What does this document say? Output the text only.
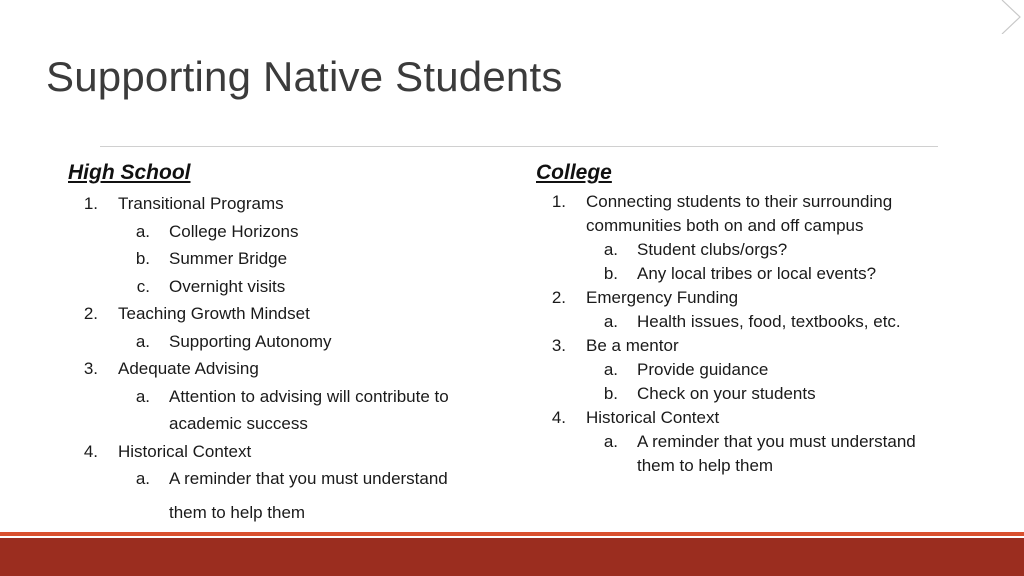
Supporting Native Students
High School
1. Transitional Programs
a. College Horizons
b. Summer Bridge
c. Overnight visits
2. Teaching Growth Mindset
a. Supporting Autonomy
3. Adequate Advising
a. Attention to advising will contribute to
academic success
4. Historical Context
a. A reminder that you must understand
them to help them
College
1. Connecting students to their surrounding
communities both on and off campus
a. Student clubs/orgs?
b. Any local tribes or local events?
2. Emergency Funding
a. Health issues, food, textbooks, etc.
3. Be a mentor
a. Provide guidance
b. Check on your students
4. Historical Context
a. A reminder that you must understand
them to help them
